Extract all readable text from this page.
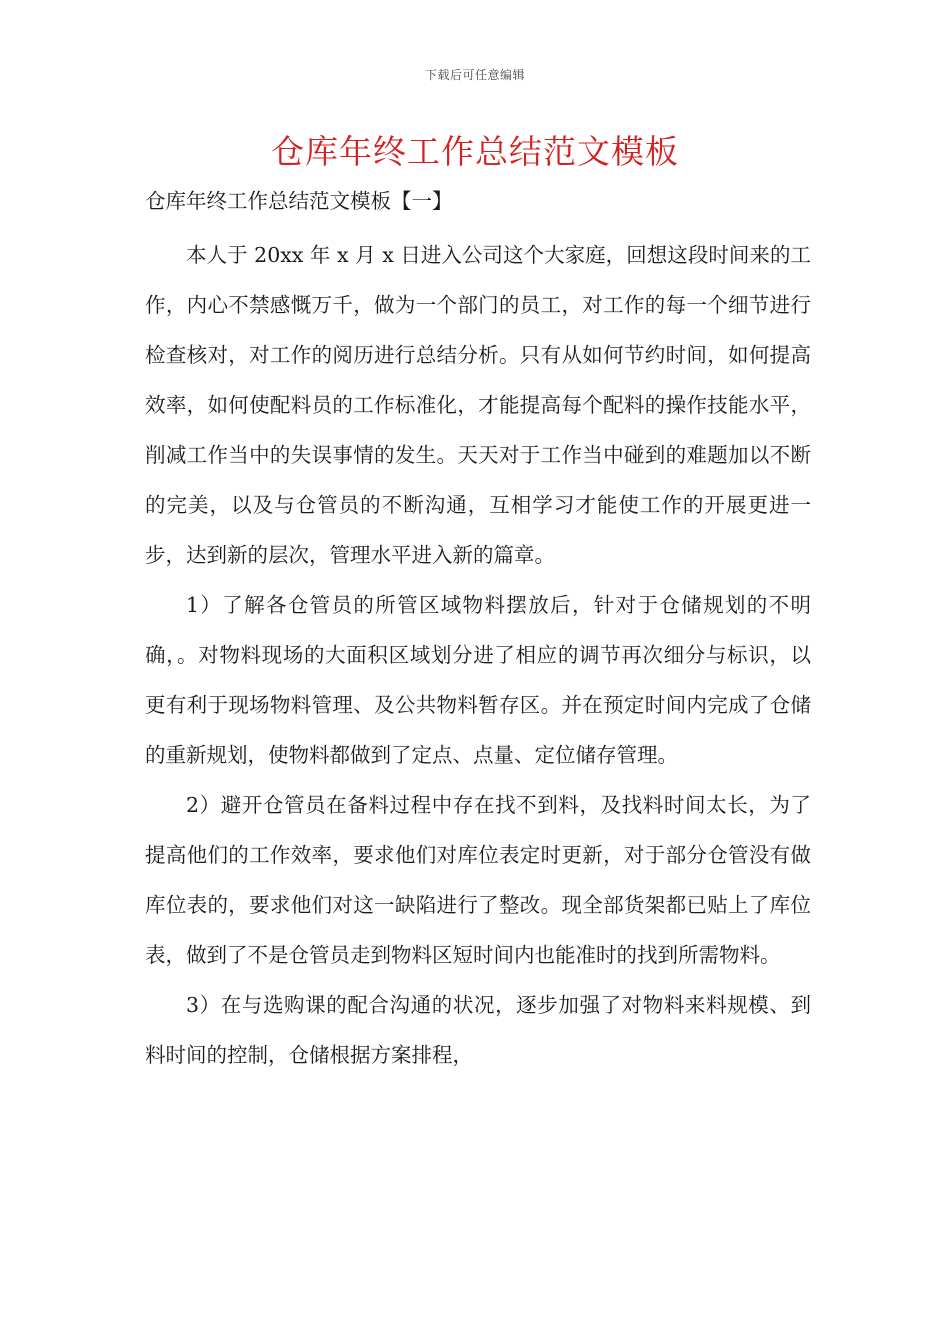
下载后可任意编辑
仓库年终工作总结范文模板
仓库年终工作总结范文模板【一】

本人于 20xx 年 x 月 x 日进入公司这个大家庭，回想这段时间来的工作，内心不禁感慨万千，做为一个部门的员工，对工作的每一个细节进行检查核对，对工作的阅历进行总结分析。只有从如何节约时间，如何提高效率，如何使配料员的工作标准化，才能提高每个配料的操作技能水平，削减工作当中的失误事情的发生。天天对于工作当中碰到的难题加以不断的完美，以及与仓管员的不断沟通，互相学习才能使工作的开展更进一步，达到新的层次，管理水平进入新的篇章。

1）了解各仓管员的所管区域物料摆放后，针对于仓储规划的不明确，。对物料现场的大面积区域划分进了相应的调节再次细分与标识，以更有利于现场物料管理、及公共物料暂存区。并在预定时间内完成了仓储的重新规划，使物料都做到了定点、点量、定位储存管理。

2）避开仓管员在备料过程中存在找不到料，及找料时间太长，为了提高他们的工作效率，要求他们对库位表定时更新，对于部分仓管没有做库位表的，要求他们对这一缺陷进行了整改。现全部货架都已贴上了库位表，做到了不是仓管员走到物料区短时间内也能准时的找到所需物料。

3）在与选购课的配合沟通的状况，逐步加强了对物料来料规模、到料时间的控制，仓储根据方案排程，
